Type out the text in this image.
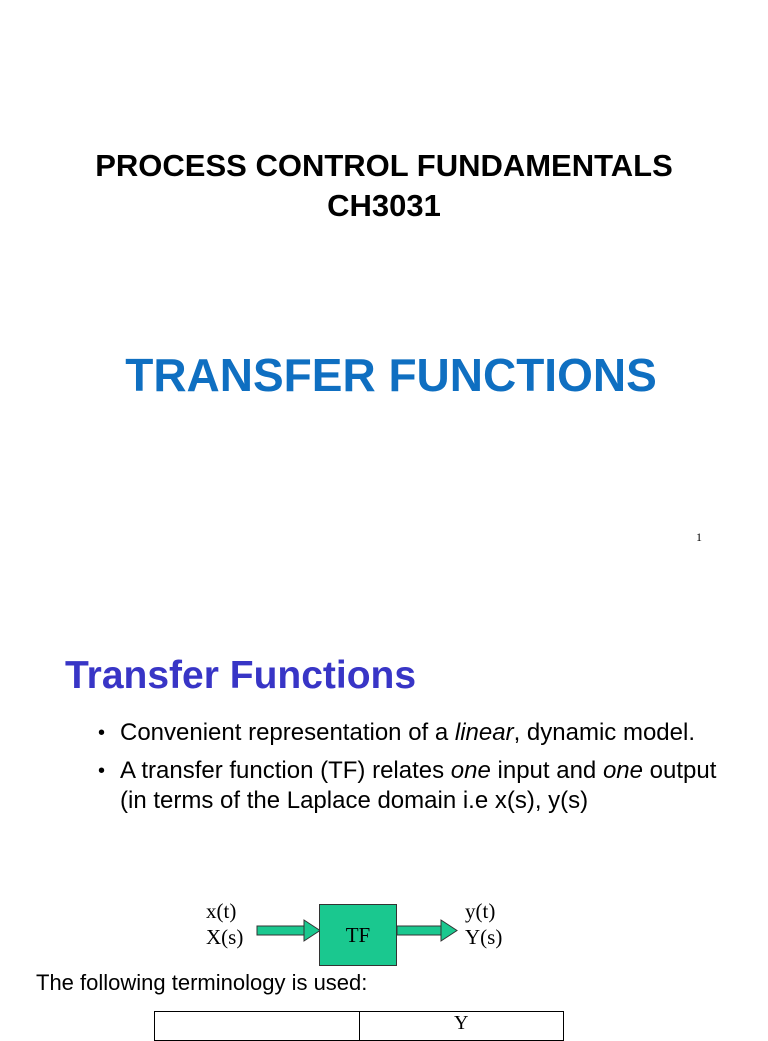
PROCESS CONTROL FUNDAMENTALS
CH3031
TRANSFER FUNCTIONS
1
Transfer Functions
• Convenient representation of a linear, dynamic model.
• A transfer function (TF) relates one input and one output (in terms of the Laplace domain i.e x(s), y(s)
x(t)
X(s)	TF
y(t)
Y(s)
The following terminology is used:
Y
